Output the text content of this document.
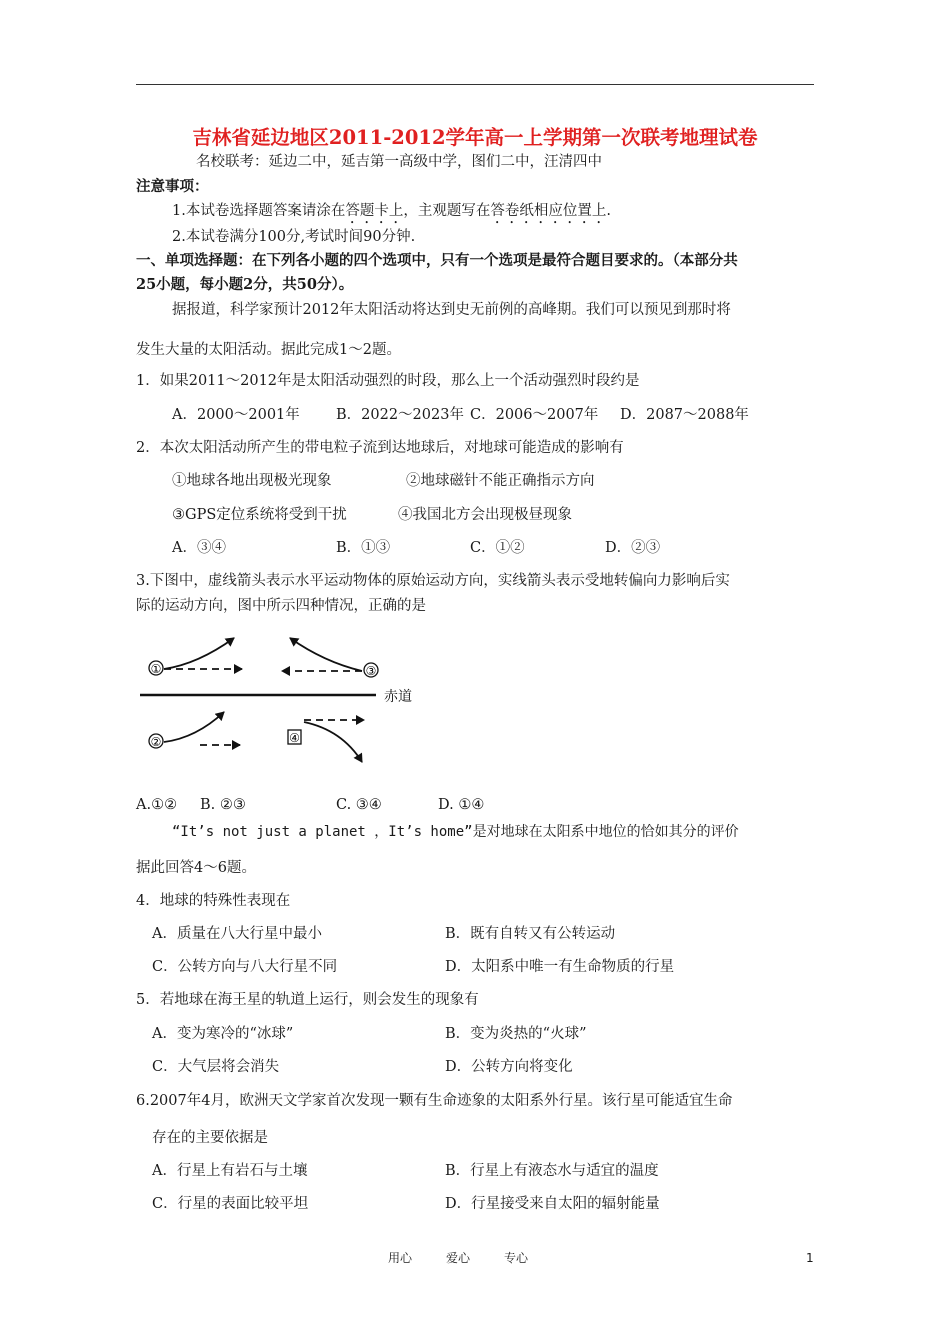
吉林省延边地区2011-2012学年高一上学期第一次联考地理试卷
名校联考：延边二中，延吉第一高级中学，图们二中，汪清四中
注意事项：
1.本试卷选择题答案请涂在答题卡上，主观题写在答卷纸相应位置上.
2.本试卷满分100分,考试时间90分钟.
一、单项选择题：在下列各小题的四个选项中，只有一个选项是最符合题目要求的。（本部分共
25小题，每小题2分，共50分）。
据报道，科学家预计2012年太阳活动将达到史无前例的高峰期。我们可以预见到那时将
发生大量的太阳活动。据此完成1～2题。
1．如果2011～2012年是太阳活动强烈的时段，那么上一个活动强烈时段约是
A．2000～2001年 B．2022～2023年 C．2006～2007年 D．2087～2088年
2．本次太阳活动所产生的带电粒子流到达地球后，对地球可能造成的影响有
①地球各地出现极光现象	②地球磁针不能正确指示方向
③GPS定位系统将受到干扰	④我国北方会出现极昼现象
A．③④	B．①③	C．①②	D．②③
3.下图中，虚线箭头表示水平运动物体的原始运动方向，实线箭头表示受地转偏向力影响后实
际的运动方向，图中所示四种情况，正确的是
赤道
①	③
②	④
A.①② B. ②③	C. ③④	D. ①④
“It’s not just a planet ，It’s home”是对地球在太阳系中地位的恰如其分的评价
据此回答4～6题。
4．地球的特殊性表现在
A．质量在八大行星中最小	B．既有自转又有公转运动
C．公转方向与八大行星不同	D．太阳系中唯一有生命物质的行星
5．若地球在海王星的轨道上运行，则会发生的现象有
A．变为寒冷的“冰球”	B．变为炎热的“火球”
C．大气层将会消失	D．公转方向将变化
6.2007年4月，欧洲天文学家首次发现一颗有生命迹象的太阳系外行星。该行星可能适宜生命
存在的主要依据是
A．行星上有岩石与土壤	B．行星上有液态水与适宜的温度
C．行星的表面比较平坦	D．行星接受来自太阳的辐射能量
用心	爱心	专心	1
